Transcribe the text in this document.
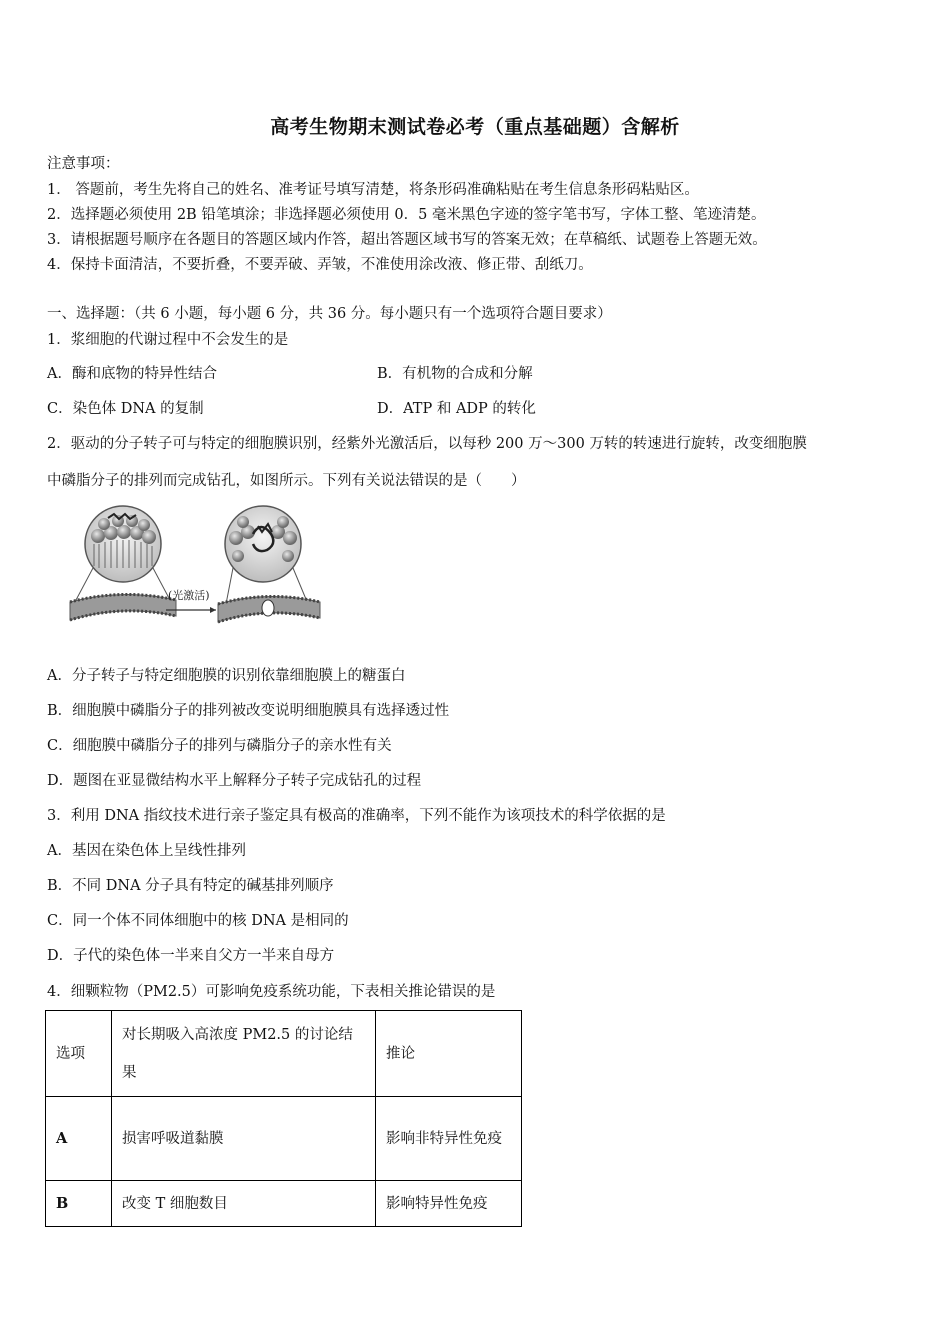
高考生物期末测试卷必考（重点基础题）含解析
注意事项：
1． 答题前，考生先将自己的姓名、准考证号填写清楚，将条形码准确粘贴在考生信息条形码粘贴区。
2．选择题必须使用 2B 铅笔填涂；非选择题必须使用 0．5 毫米黑色字迹的签字笔书写，字体工整、笔迹清楚。
3．请根据题号顺序在各题目的答题区域内作答，超出答题区域书写的答案无效；在草稿纸、试题卷上答题无效。
4．保持卡面清洁，不要折叠，不要弄破、弄皱，不准使用涂改液、修正带、刮纸刀。
一、选择题：（共 6 小题，每小题 6 分，共 36 分。每小题只有一个选项符合题目要求）
1．浆细胞的代谢过程中不会发生的是
A．酶和底物的特异性结合	B．有机物的合成和分解
C．染色体 DNA 的复制	D．ATP 和 ADP 的转化
2．驱动的分子转子可与特定的细胞膜识别，经紫外光激活后，以每秒 200 万～300 万转的转速进行旋转，改变细胞膜
中磷脂分子的排列而完成钻孔，如图所示。下列有关说法错误的是（　　）
(光激活)
A．分子转子与特定细胞膜的识别依靠细胞膜上的糖蛋白
B．细胞膜中磷脂分子的排列被改变说明细胞膜具有选择透过性
C．细胞膜中磷脂分子的排列与磷脂分子的亲水性有关
D．题图在亚显微结构水平上解释分子转子完成钻孔的过程
3．利用 DNA 指纹技术进行亲子鉴定具有极高的准确率，下列不能作为该项技术的科学依据的是
A．基因在染色体上呈线性排列
B．不同 DNA 分子具有特定的碱基排列顺序
C．同一个体不同体细胞中的核 DNA 是相同的
D．子代的染色体一半来自父方一半来自母方
4．细颗粒物（PM2.5）可影响免疫系统功能，下表相关推论错误的是
选项	对长期吸入高浓度 PM2.5 的讨论结果	推论
A	损害呼吸道黏膜	影响非特异性免疫
B	改变 T 细胞数目	影响特异性免疫
